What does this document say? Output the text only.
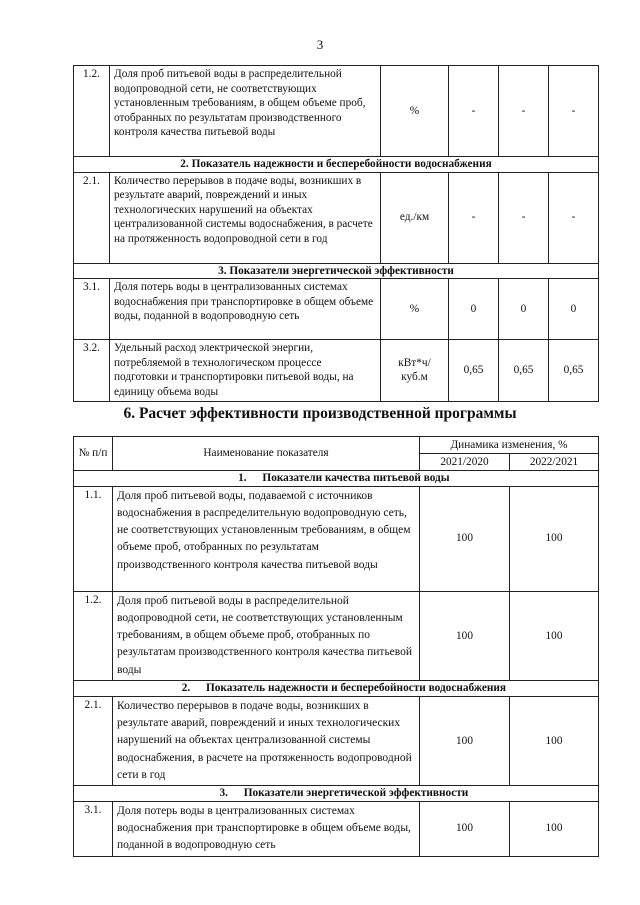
3
1.2.	Доля проб питьевой воды в распределительной водопроводной сети, не соответствующих установленным требованиям, в общем объеме проб, отобранных по результатам производственного контроля качества питьевой воды	%	-	-	-
2. Показатель надежности и бесперебойности водоснабжения					
2.1.	Количество перерывов в подаче воды, возникших в результате аварий, повреждений и иных технологических нарушений на объектах централизованной системы водоснабжения, в расчете на протяженность водопроводной сети в год	ед./км	-	-	-
3. Показатели энергетической эффективности					
3.1.	Доля потерь воды в централизованных системах водоснабжения при транспортировке в общем объеме воды, поданной в водопроводную сеть	%	0	0	0
3.2.	Удельный расход электрической энергии, потребляемой в технологическом процессе подготовки и транспортировки питьевой воды, на единицу объема воды	кВт*ч/ куб.м	0,65	0,65	0,65
6. Расчет эффективности производственной программы
№ п/п	Наименование показателя	Динамика изменения, %	
		2021/2020	2022/2021
1. Показатели качества питьевой воды			
1.1.	Доля проб питьевой воды, подаваемой с источников водоснабжения в распределительную водопроводную сеть, не соответствующих установленным требованиям, в общем объеме проб, отобранных по результатам производственного контроля качества питьевой воды	100	100
1.2.	Доля проб питьевой воды в распределительной водопроводной сети, не соответствующих установленным требованиям, в общем объеме проб, отобранных по результатам производственного контроля качества питьевой воды	100	100
2. Показатель надежности и бесперебойности водоснабжения			
2.1.	Количество перерывов в подаче воды, возникших в результате аварий, повреждений и иных технологических нарушений на объектах централизованной системы водоснабжения, в расчете на протяженность водопроводной сети в год	100	100
3. Показатели энергетической эффективности			
3.1.	Доля потерь воды в централизованных системах водоснабжения при транспортировке в общем объеме воды, поданной в водопроводную сеть	100	100
